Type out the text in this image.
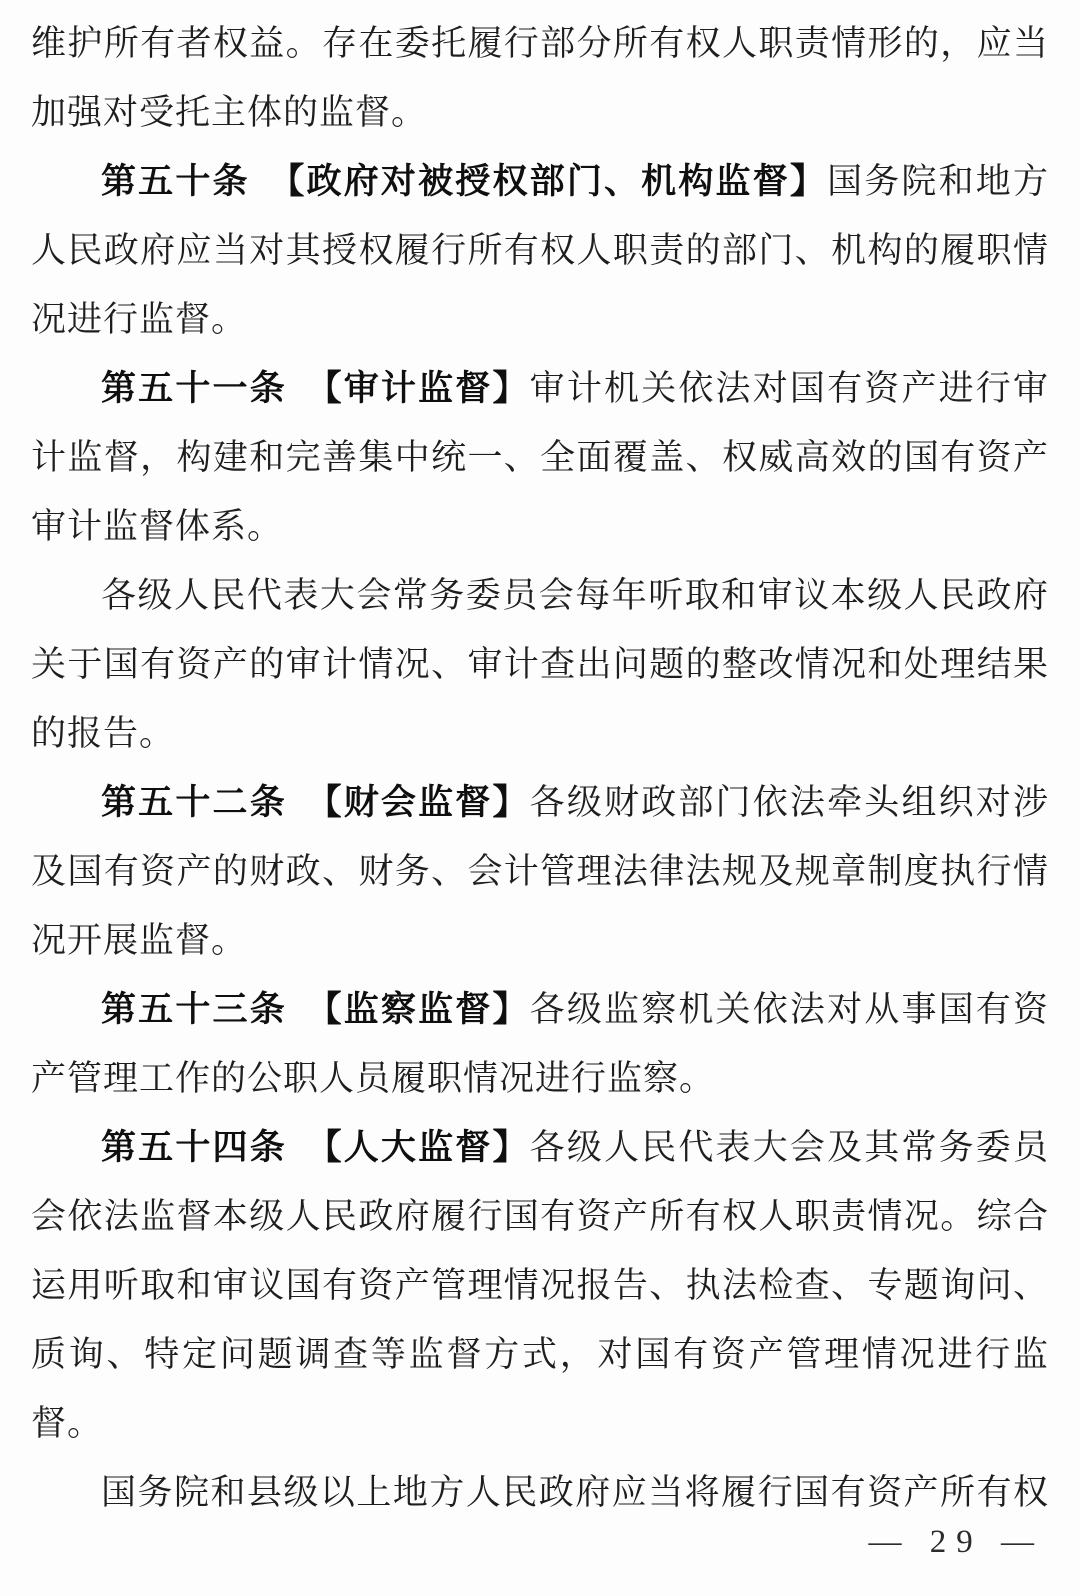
维护所有者权益。存在委托履行部分所有权人职责情形的，应当
加强对受托主体的监督。
第五十条　【政府对被授权部门、机构监督】国务院和地方
人民政府应当对其授权履行所有权人职责的部门、机构的履职情
况进行监督。
第五十一条　【审计监督】审计机关依法对国有资产进行审
计监督，构建和完善集中统一、全面覆盖、权威高效的国有资产
审计监督体系。
各级人民代表大会常务委员会每年听取和审议本级人民政府
关于国有资产的审计情况、审计查出问题的整改情况和处理结果
的报告。
第五十二条　【财会监督】各级财政部门依法牵头组织对涉
及国有资产的财政、财务、会计管理法律法规及规章制度执行情
况开展监督。
第五十三条　【监察监督】各级监察机关依法对从事国有资
产管理工作的公职人员履职情况进行监察。
第五十四条　【人大监督】各级人民代表大会及其常务委员
会依法监督本级人民政府履行国有资产所有权人职责情况。综合
运用听取和审议国有资产管理情况报告、执法检查、专题询问、
质询、特定问题调查等监督方式，对国有资产管理情况进行监
督。
国务院和县级以上地方人民政府应当将履行国有资产所有权
— 29 —
